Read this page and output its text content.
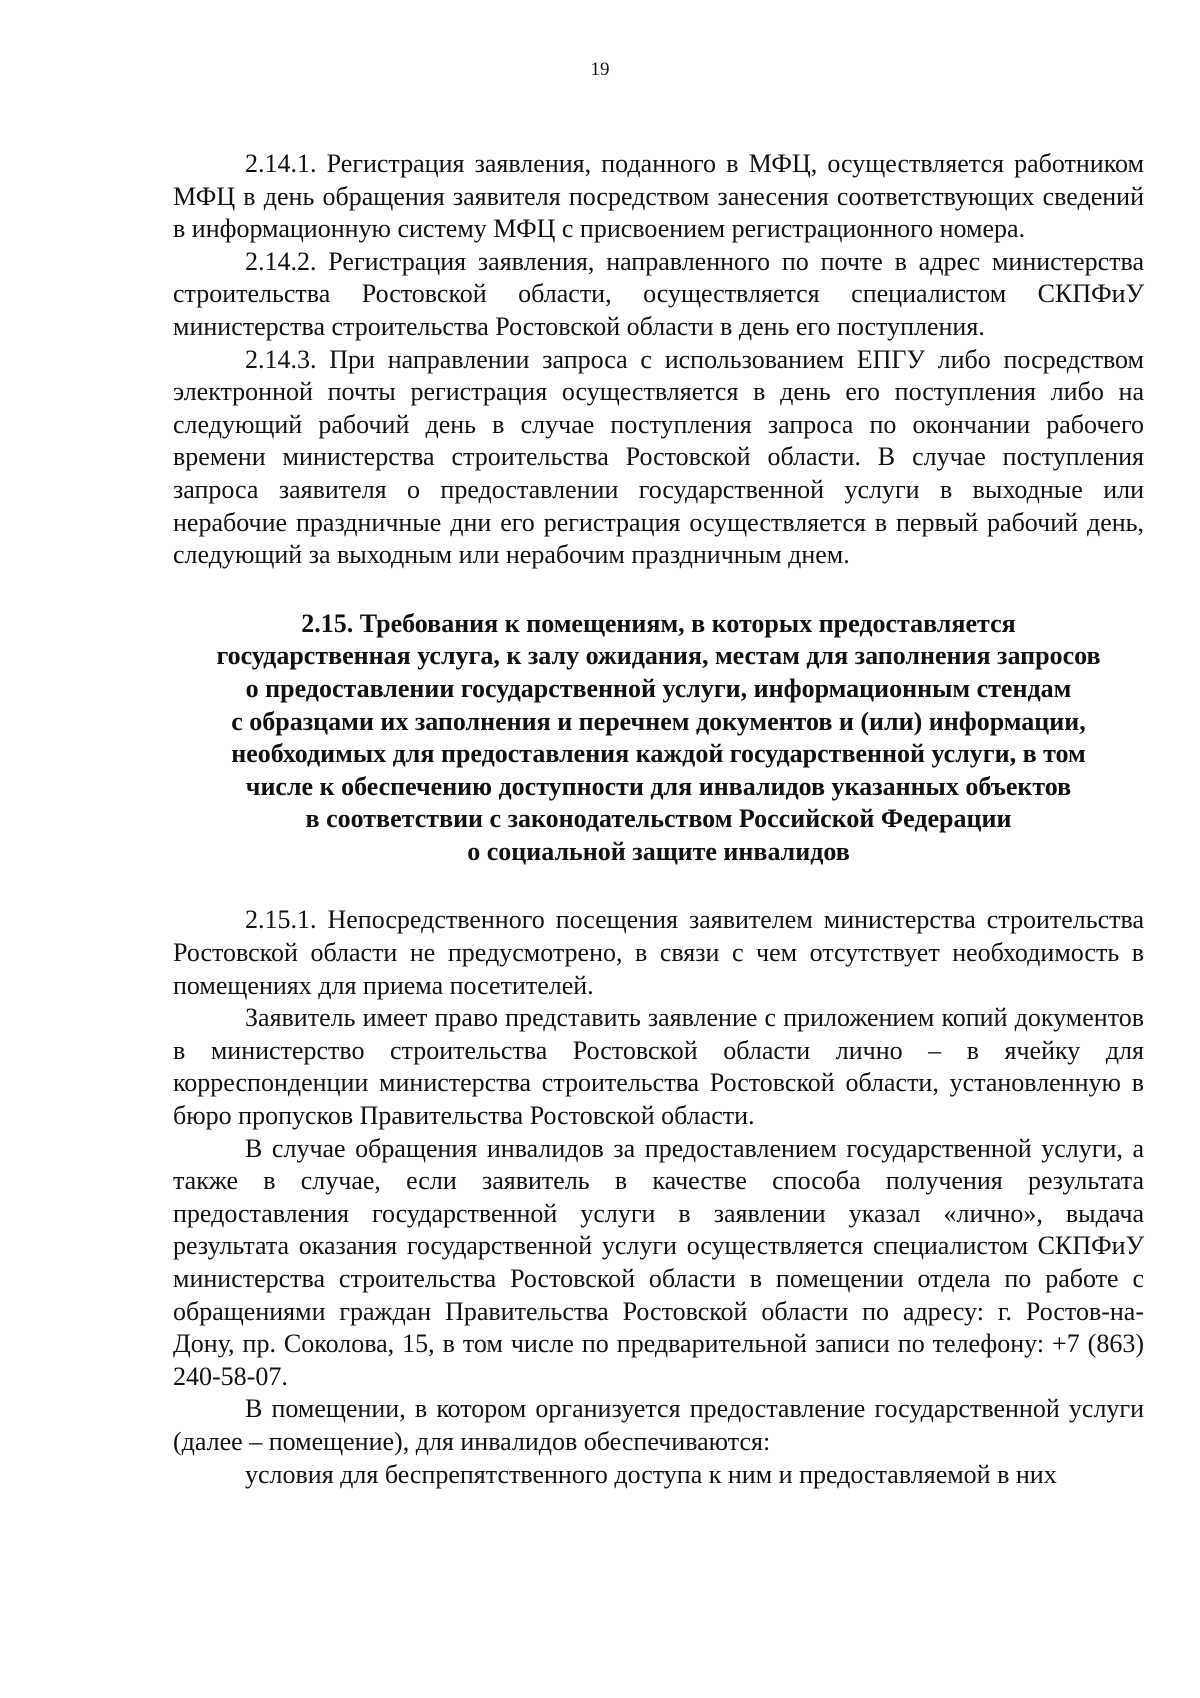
19

2.14.1. Регистрация заявления, поданного в МФЦ, осуществляется работником МФЦ в день обращения заявителя посредством занесения соответствующих сведений в информационную систему МФЦ с присвоением регистрационного номера.

2.14.2. Регистрация заявления, направленного по почте в адрес министерства строительства Ростовской области, осуществляется специалистом СКПФиУ министерства строительства Ростовской области в день его поступления.

2.14.3. При направлении запроса с использованием ЕПГУ либо посредством электронной почты регистрация осуществляется в день его поступления либо на следующий рабочий день в случае поступления запроса по окончании рабочего времени министерства строительства Ростовской области. В случае поступления запроса заявителя о предоставлении государственной услуги в выходные или нерабочие праздничные дни его регистрация осуществляется в первый рабочий день, следующий за выходным или нерабочим праздничным днем.

2.15. Требования к помещениям, в которых предоставляется
государственная услуга, к залу ожидания, местам для заполнения запросов
о предоставлении государственной услуги, информационным стендам
с образцами их заполнения и перечнем документов и (или) информации,
необходимых для предоставления каждой государственной услуги, в том
числе к обеспечению доступности для инвалидов указанных объектов
в соответствии с законодательством Российской Федерации
о социальной защите инвалидов

2.15.1. Непосредственного посещения заявителем министерства строительства Ростовской области не предусмотрено, в связи с чем отсутствует необходимость в помещениях для приема посетителей.

Заявитель имеет право представить заявление с приложением копий документов в министерство строительства Ростовской области лично – в ячейку для корреспонденции министерства строительства Ростовской области, установленную в бюро пропусков Правительства Ростовской области.

В случае обращения инвалидов за предоставлением государственной услуги, а также в случае, если заявитель в качестве способа получения результата предоставления государственной услуги в заявлении указал «лично», выдача результата оказания государственной услуги осуществляется специалистом СКПФиУ министерства строительства Ростовской области в помещении отдела по работе с обращениями граждан Правительства Ростовской области по адресу: г. Ростов-на-Дону, пр. Соколова, 15, в том числе по предварительной записи по телефону: +7 (863) 240-58-07.

В помещении, в котором организуется предоставление государственной услуги (далее – помещение), для инвалидов обеспечиваются:

условия для беспрепятственного доступа к ним и предоставляемой в них
